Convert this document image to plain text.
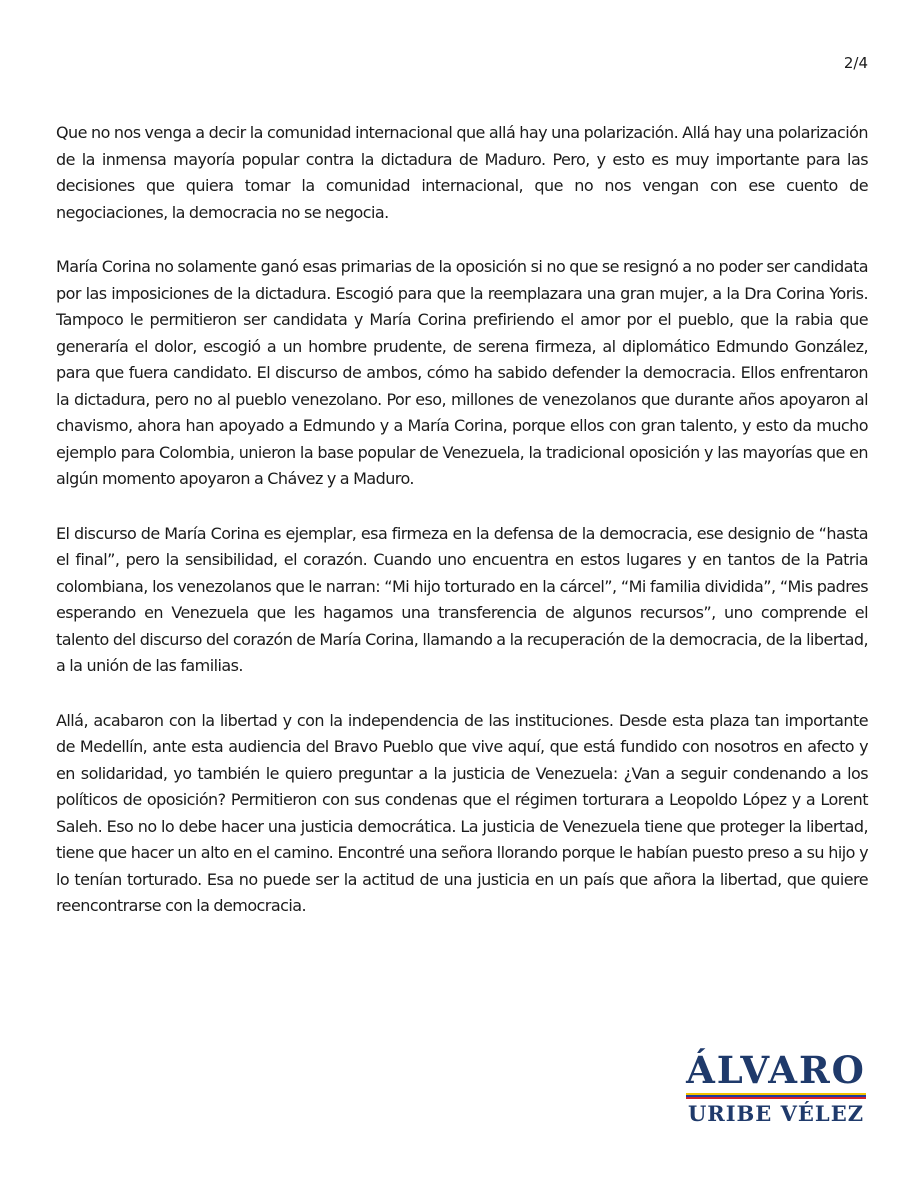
2/4

Que no nos venga a decir la comunidad internacional que allá hay una polarización. Allá hay una polarización de la inmensa mayoría popular contra la dictadura de Maduro. Pero, y esto es muy importante para las decisiones que quiera tomar la comunidad internacional, que no nos vengan con ese cuento de negociaciones, la democracia no se negocia.

María Corina no solamente ganó esas primarias de la oposición si no que se resignó a no poder ser candidata por las imposiciones de la dictadura. Escogió para que la reemplazara una gran mujer, a la Dra Corina Yoris. Tampoco le permitieron ser candidata y María Corina prefiriendo el amor por el pueblo, que la rabia que generaría el dolor, escogió a un hombre prudente, de serena firmeza, al diplomático Edmundo González, para que fuera candidato. El discurso de ambos, cómo ha sabido defender la democracia. Ellos enfrentaron la dictadura, pero no al pueblo venezolano. Por eso, millones de venezolanos que durante años apoyaron al chavismo, ahora han apoyado a Edmundo y a María Corina, porque ellos con gran talento, y esto da mucho ejemplo para Colombia, unieron la base popular de Venezuela, la tradicional oposición y las mayorías que en algún momento apoyaron a Chávez y a Maduro.

El discurso de María Corina es ejemplar, esa firmeza en la defensa de la democracia, ese designio de “hasta el final”, pero la sensibilidad, el corazón. Cuando uno encuentra en estos lugares y en tantos de la Patria colombiana, los venezolanos que le narran: “Mi hijo torturado en la cárcel”, “Mi familia dividida”, “Mis padres esperando en Venezuela que les hagamos una transferencia de algunos recursos”, uno comprende el talento del discurso del corazón de María Corina, llamando a la recuperación de la democracia, de la libertad, a la unión de las familias.

Allá, acabaron con la libertad y con la independencia de las instituciones. Desde esta plaza tan importante de Medellín, ante esta audiencia del Bravo Pueblo que vive aquí, que está fundido con nosotros en afecto y en solidaridad, yo también le quiero preguntar a la justicia de Venezuela: ¿Van a seguir condenando a los políticos de oposición? Permitieron con sus condenas que el régimen torturara a Leopoldo López y a Lorent Saleh. Eso no lo debe hacer una justicia democrática. La justicia de Venezuela tiene que proteger la libertad, tiene que hacer un alto en el camino. Encontré una señora llorando porque le habían puesto preso a su hijo y lo tenían torturado. Esa no puede ser la actitud de una justicia en un país que añora la libertad, que quiere reencontrarse con la democracia.

ÁLVARO
URIBE VÉLEZ
